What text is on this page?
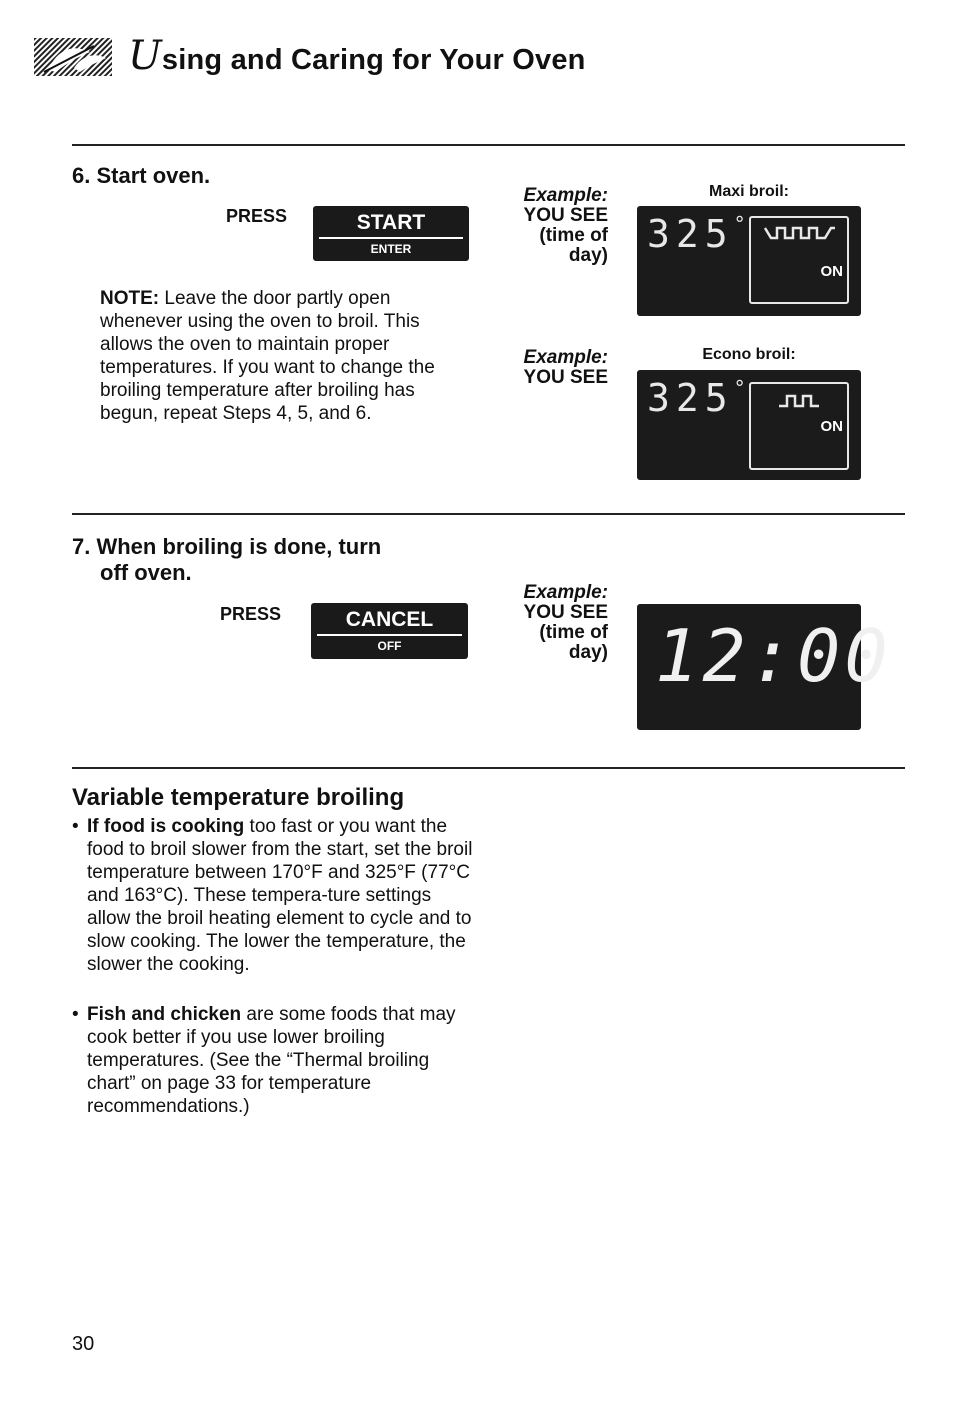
Using and Caring for Your Oven
6. Start oven.
PRESS	START
ENTER
NOTE: Leave the door partly open whenever using the oven to broil. This allows the oven to maintain proper temperatures. If you want to change the broiling temperature after broiling has begun, repeat Steps 4, 5, and 6.
Example:
YOU SEE
(time of
day)
Maxi broil:
325°
ON
Example:
YOU SEE
Econo broil:
325°
ON
7. When broiling is done, turn
off oven.
PRESS	CANCEL
OFF
Example:
YOU SEE
(time of
day) 12:00
Variable temperature broiling
• If food is cooking too fast or you want the food to broil slower from the start, set the broil temperature between 170°F and 325°F (77°C and 163°C). These tempera-ture settings allow the broil heating element to cycle and to slow cooking. The lower the temperature, the slower the cooking.
• Fish and chicken are some foods that may cook better if you use lower broiling temperatures. (See the “Thermal broiling chart” on page 33 for temperature recommendations.)
30
